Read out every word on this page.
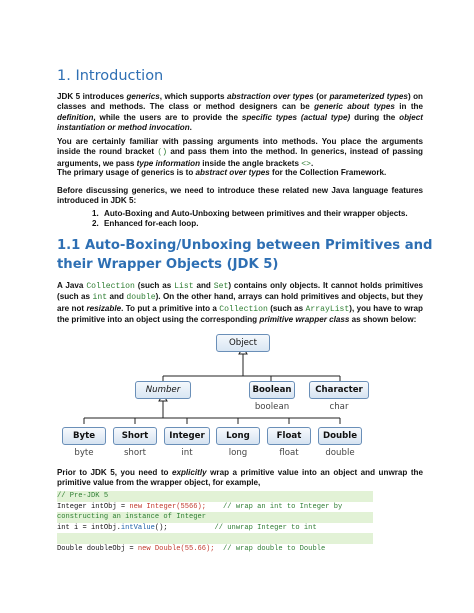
1. Introduction

JDK 5 introduces generics, which supports abstraction over types (or parameterized types) on classes and methods. The class or method designers can be generic about types in the definition, while the users are to provide the specific types (actual type) during the object instantiation or method invocation.

You are certainly familiar with passing arguments into methods. You place the arguments inside the round bracket () and pass them into the method. In generics, instead of passing arguments, we pass type information inside the angle brackets <>.

The primary usage of generics is to abstract over types for the Collection Framework.

Before discussing generics, we need to introduce these related new Java language features introduced in JDK 5:

1. Auto-Boxing and Auto-Unboxing between primitives and their wrapper objects.
2. Enhanced for-each loop.
1.1 Auto-Boxing/Unboxing between Primitives and their Wrapper Objects (JDK 5)

A Java Collection (such as List and Set) contains only objects. It cannot holds primitives (such as int and double). On the other hand, arrays can hold primitives and objects, but they are not resizable. To put a primitive into a Collection (such as ArrayList), you have to wrap the primitive into an object using the corresponding primitive wrapper class as shown below:

Object
Number	Boolean	Character
boolean	char
Byte	Short	Integer	Long	Float	Double
byte	short	int	long	float	double

Prior to JDK 5, you need to explicitly wrap a primitive value into an object and unwrap the primitive value from the wrapper object, for example,

// Pre-JDK 5
Integer intObj = new Integer(5566);    // wrap an int to Integer by
constructing an instance of Integer
int i = intObj.intValue();           // unwrap Integer to int

Double doubleObj = new Double(55.66);  // wrap double to Double
